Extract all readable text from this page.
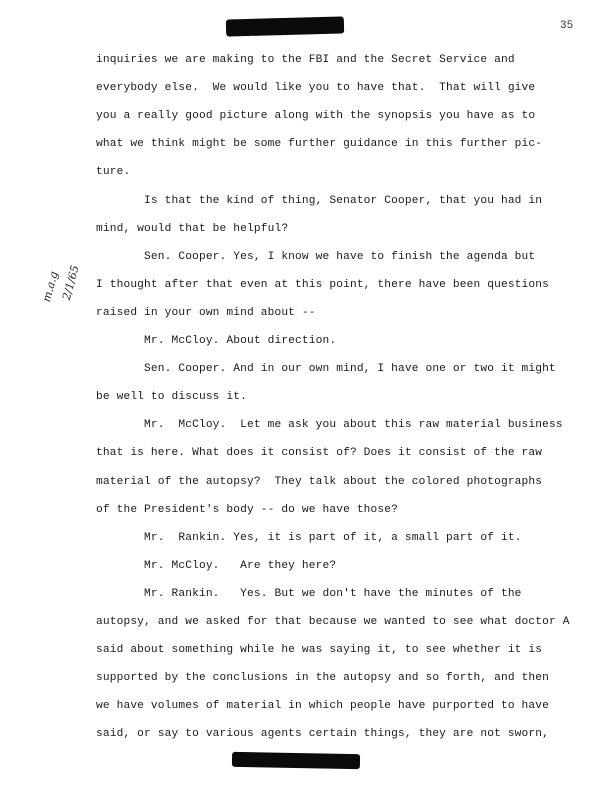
35
m.a.g 2/1/65
inquiries we are making to the FBI and the Secret Service and
everybody else.  We would like you to have that.  That will give
you a really good picture along with the synopsis you have as to
what we think might be some further guidance in this further pic-
ture.
Is that the kind of thing, Senator Cooper, that you had in
mind, would that be helpful?
Sen. Cooper. Yes, I know we have to finish the agenda but
I thought after that even at this point, there have been questions
raised in your own mind about --
Mr. McCloy. About direction.
Sen. Cooper. And in our own mind, I have one or two it might
be well to discuss it.
Mr.  McCloy.  Let me ask you about this raw material business
that is here. What does it consist of? Does it consist of the raw
material of the autopsy?  They talk about the colored photographs
of the President's body -- do we have those?
Mr.  Rankin. Yes, it is part of it, a small part of it.
Mr. McCloy.   Are they here?
Mr. Rankin.   Yes. But we don't have the minutes of the
autopsy, and we asked for that because we wanted to see what doctor A
said about something while he was saying it, to see whether it is
supported by the conclusions in the autopsy and so forth, and then
we have volumes of material in which people have purported to have
said, or say to various agents certain things, they are not sworn,
